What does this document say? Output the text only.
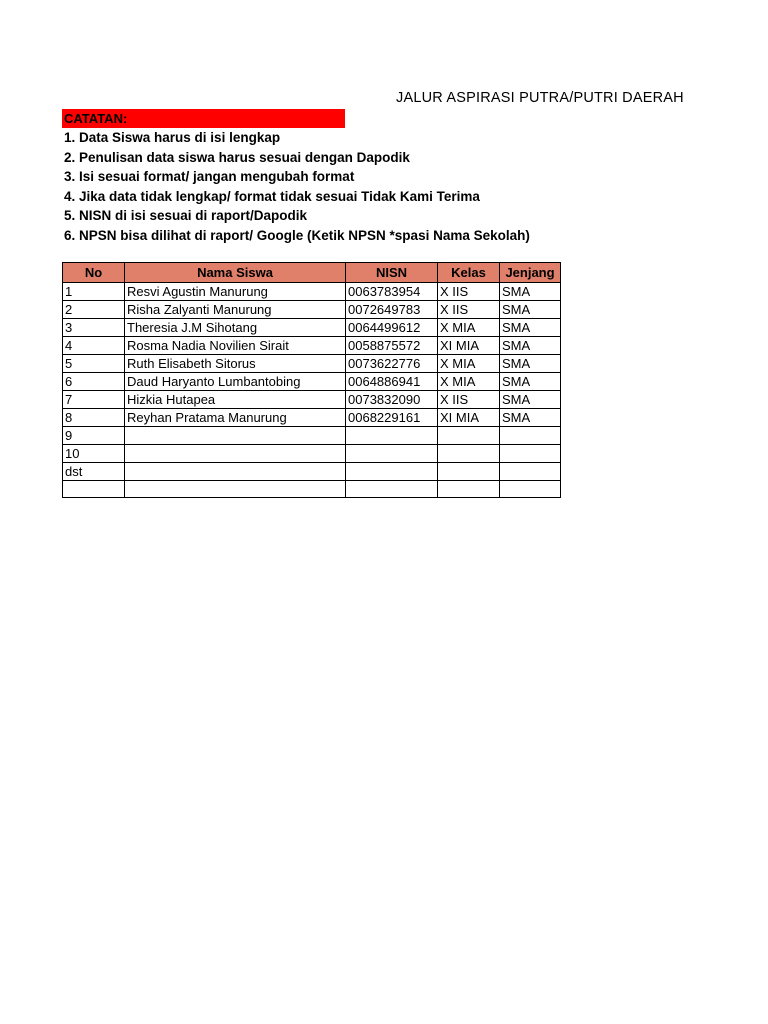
JALUR ASPIRASI PUTRA/PUTRI DAERAH
CATATAN:
1. Data Siswa harus di isi lengkap
2. Penulisan data siswa harus sesuai dengan Dapodik
3. Isi sesuai format/ jangan mengubah format
4. Jika data tidak lengkap/ format tidak sesuai Tidak Kami Terima
5. NISN di isi sesuai di raport/Dapodik
6. NPSN bisa dilihat di raport/ Google (Ketik NPSN *spasi Nama Sekolah)
No	Nama Siswa	NISN	Kelas	Jenjang
1	Resvi Agustin Manurung	0063783954	X IIS	SMA
2	Risha Zalyanti Manurung	0072649783	X IIS	SMA
3	Theresia J.M Sihotang	0064499612	X MIA	SMA
4	Rosma Nadia Novilien Sirait	0058875572	XI MIA	SMA
5	Ruth Elisabeth Sitorus	0073622776	X MIA	SMA
6	Daud Haryanto Lumbantobing	0064886941	X MIA	SMA
7	Hizkia Hutapea	0073832090	X IIS	SMA
8	Reyhan Pratama Manurung	0068229161	XI MIA	SMA
9				
10				
dst				
